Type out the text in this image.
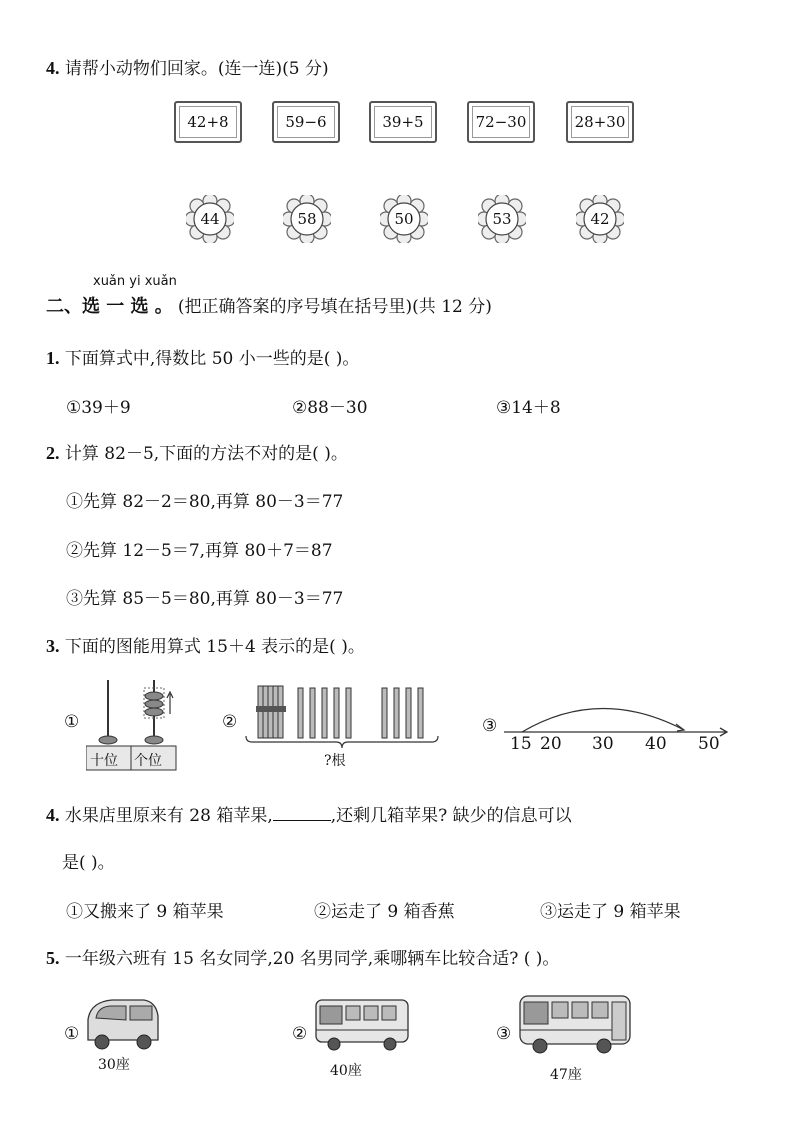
4. 请帮小动物们回家。(连一连)(5 分)
42+8	59−6	39+5	72−30	28+30
44	58	50	53	42
xuǎn yi xuǎn
二、选 一 选 。 (把正确答案的序号填在括号里)(共 12 分)
1. 下面算式中,得数比 50 小一些的是( )。
①39＋9	②88－30	③14＋8
2. 计算 82－5,下面的方法不对的是( )。
①先算 82－2＝80,再算 80－3＝77
②先算 12－5＝7,再算 80＋7＝87
③先算 85－5＝80,再算 80－3＝77
3. 下面的图能用算式 15＋4 表示的是( )。
①
十位 个位
②
?根
③
15 20 30 40 50
4. 水果店里原来有 28 箱苹果,	,还剩几箱苹果? 缺少的信息可以
是( )。
①又搬来了 9 箱苹果	②运走了 9 箱香蕉	③运走了 9 箱苹果
5. 一年级六班有 15 名女同学,20 名男同学,乘哪辆车比较合适? ( )。
①
30座
②
40座
③
47座
